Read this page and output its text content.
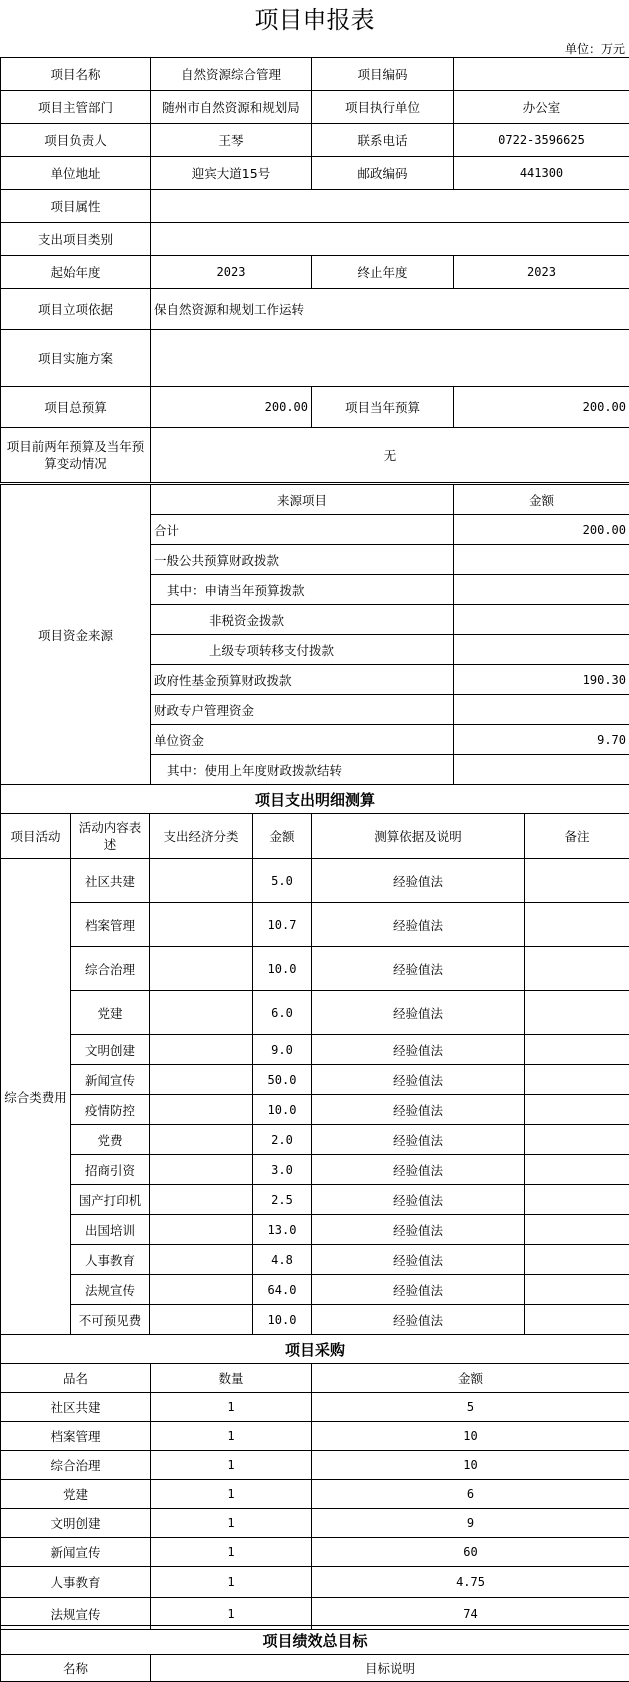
项目申报表
单位：万元
项目名称	自然资源综合管理	项目编码	
项目主管部门	随州市自然资源和规划局	项目执行单位	办公室
项目负责人	王琴	联系电话	0722-3596625
单位地址	迎宾大道15号	邮政编码	441300
项目属性			
支出项目类别			
起始年度	2023	终止年度	2023
项目立项依据	保自然资源和规划工作运转		
项目实施方案			
项目总预算	200.00	项目当年预算	200.00
项目前两年预算及当年预算变动情况	无		
项目资金来源	来源项目	金额
	合计	200.00
	一般公共预算财政拨款	
	其中：申请当年预算拨款	
	非税资金拨款	
	上级专项转移支付拨款	
	政府性基金预算财政拨款	190.30
	财政专户管理资金	
	单位资金	9.70
	其中：使用上年度财政拨款结转	
项目支出明细测算					
项目活动	活动内容表述	支出经济分类	金额	测算依据及说明	备注
综合类费用	社区共建		5.0	经验值法	
	档案管理		10.7	经验值法	
	综合治理		10.0	经验值法	
	党建		6.0	经验值法	
	文明创建		9.0	经验值法	
	新闻宣传		50.0	经验值法	
	疫情防控		10.0	经验值法	
	党费		2.0	经验值法	
	招商引资		3.0	经验值法	
	国产打印机		2.5	经验值法	
	出国培训		13.0	经验值法	
	人事教育		4.8	经验值法	
	法规宣传		64.0	经验值法	
	不可预见费		10.0	经验值法	
项目采购		
品名	数量	金额
社区共建	1	5
档案管理	1	10
综合治理	1	10
党建	1	6
文明创建	1	9
新闻宣传	1	60
人事教育	1	4.75
法规宣传	1	74
项目绩效总目标
名称	目标说明
